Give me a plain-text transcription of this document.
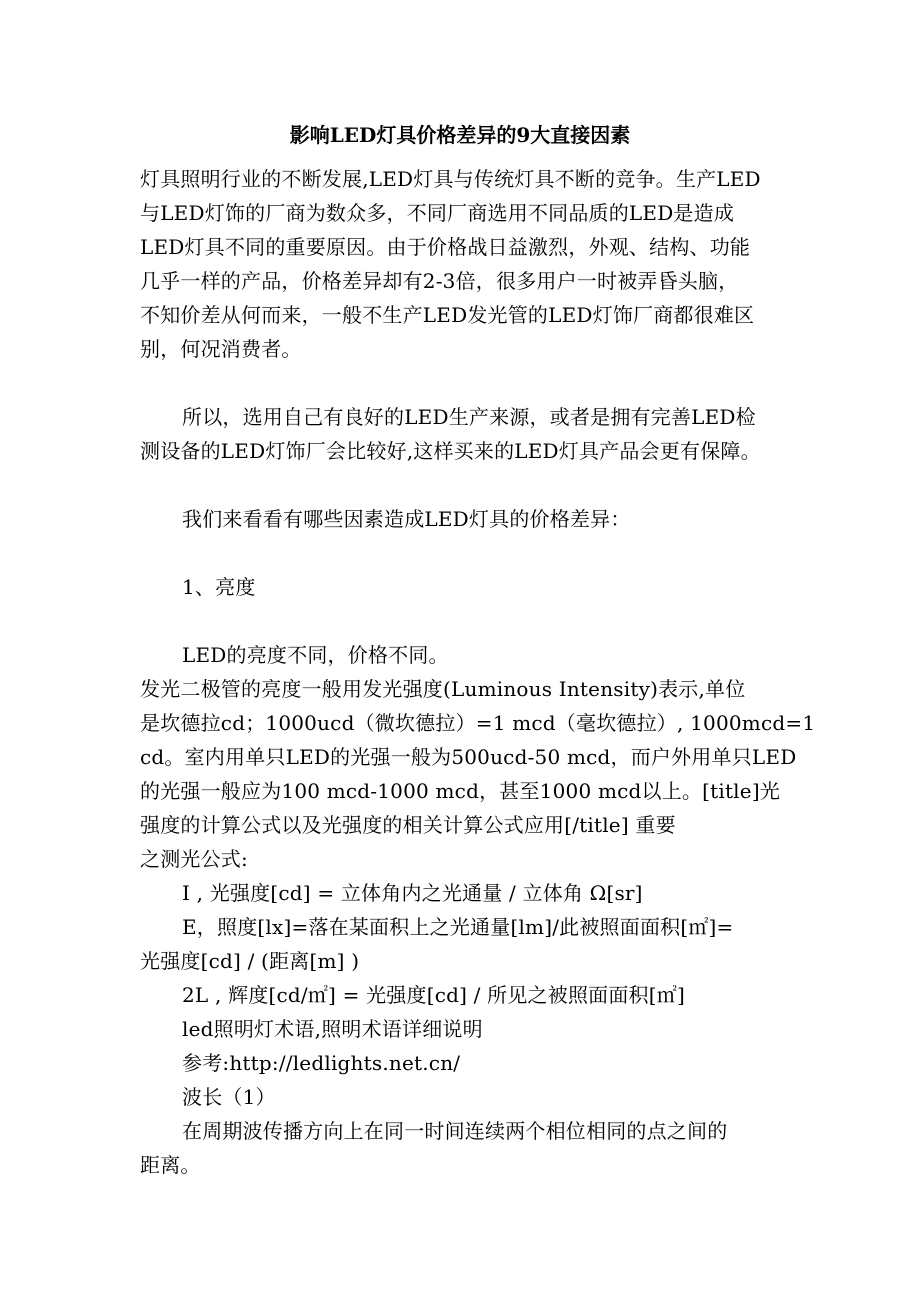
影响LED灯具价格差异的9大直接因素
灯具照明行业的不断发展,LED灯具与传统灯具不断的竞争。生产LED
与LED灯饰的厂商为数众多，不同厂商选用不同品质的LED是造成
LED灯具不同的重要原因。由于价格战日益激烈，外观、结构、功能
几乎一样的产品，价格差异却有2-3倍，很多用户一时被弄昏头脑，
不知价差从何而来，一般不生产LED发光管的LED灯饰厂商都很难区
别，何况消费者。
所以，选用自己有良好的LED生产来源，或者是拥有完善LED检
测设备的LED灯饰厂会比较好,这样买来的LED灯具产品会更有保障。
我们来看看有哪些因素造成LED灯具的价格差异：
1、亮度
LED的亮度不同，价格不同。
发光二极管的亮度一般用发光强度(Luminous Intensity)表示,单位
是坎德拉cd；1000ucd（微坎德拉）=1 mcd（毫坎德拉）, 1000mcd=1
cd。室内用单只LED的光强一般为500ucd-50 mcd，而户外用单只LED
的光强一般应为100 mcd-1000 mcd，甚至1000 mcd以上。[title]光
强度的计算公式以及光强度的相关计算公式应用[/title] 重要
之测光公式:
I , 光强度[cd] = 立体角内之光通量 / 立体角 Ω[sr]
E，照度[lx]=落在某面积上之光通量[lm]/此被照面面积[㎡]=
光强度[cd] / (距离[m] )
2L , 辉度[cd/㎡] = 光强度[cd] / 所见之被照面面积[㎡]
led照明灯术语,照明术语详细说明
参考:http://ledlights.net.cn/
波长（1）
在周期波传播方向上在同一时间连续两个相位相同的点之间的
距离。
